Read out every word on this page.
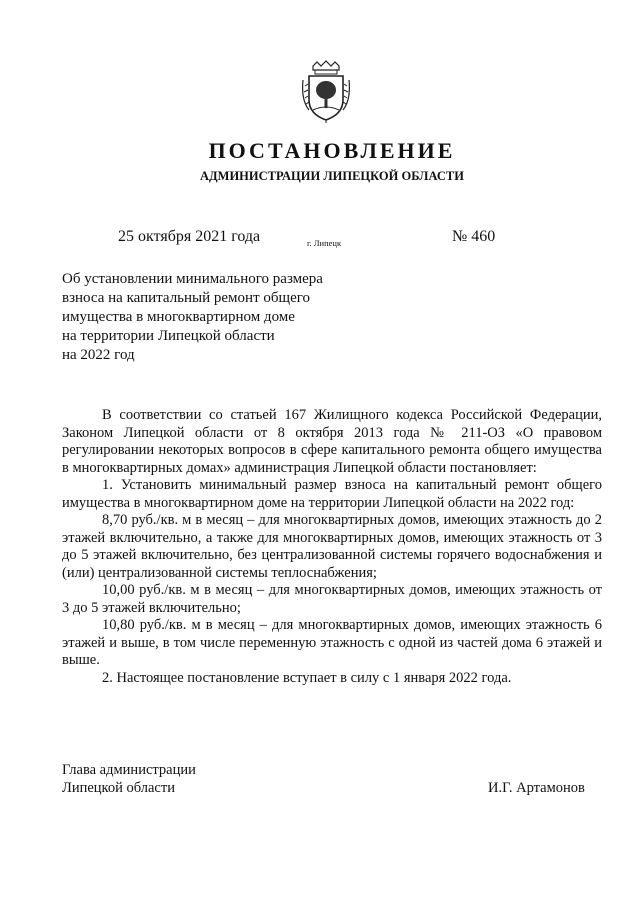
ПОСТАНОВЛЕНИЕ
АДМИНИСТРАЦИИ ЛИПЕЦКОЙ ОБЛАСТИ
25 октября 2021 года	г. Липецк	№ 460
Об установлении минимального размера
взноса на капитальный ремонт общего
имущества в многоквартирном доме
на территории Липецкой области
на 2022 год

В соответствии со статьей 167 Жилищного кодекса Российской Федерации, Законом Липецкой области от 8 октября 2013 года № 211-ОЗ «О правовом регулировании некоторых вопросов в сфере капитального ремонта общего имущества в многоквартирных домах» администрация Липецкой области постановляет:

1. Установить минимальный размер взноса на капитальный ремонт общего имущества в многоквартирном доме на территории Липецкой области на 2022 год:

8,70 руб./кв. м в месяц – для многоквартирных домов, имеющих этажность до 2 этажей включительно, а также для многоквартирных домов, имеющих этажность от 3 до 5 этажей включительно, без централизованной системы горячего водоснабжения и (или) централизованной системы теплоснабжения;

10,00 руб./кв. м в месяц – для многоквартирных домов, имеющих этажность от 3 до 5 этажей включительно;

10,80 руб./кв. м в месяц – для многоквартирных домов, имеющих этажность 6 этажей и выше, в том числе переменную этажность с одной из частей дома 6 этажей и выше.

2. Настоящее постановление вступает в силу с 1 января 2022 года.

Глава администрации
Липецкой области	И.Г. Артамонов
